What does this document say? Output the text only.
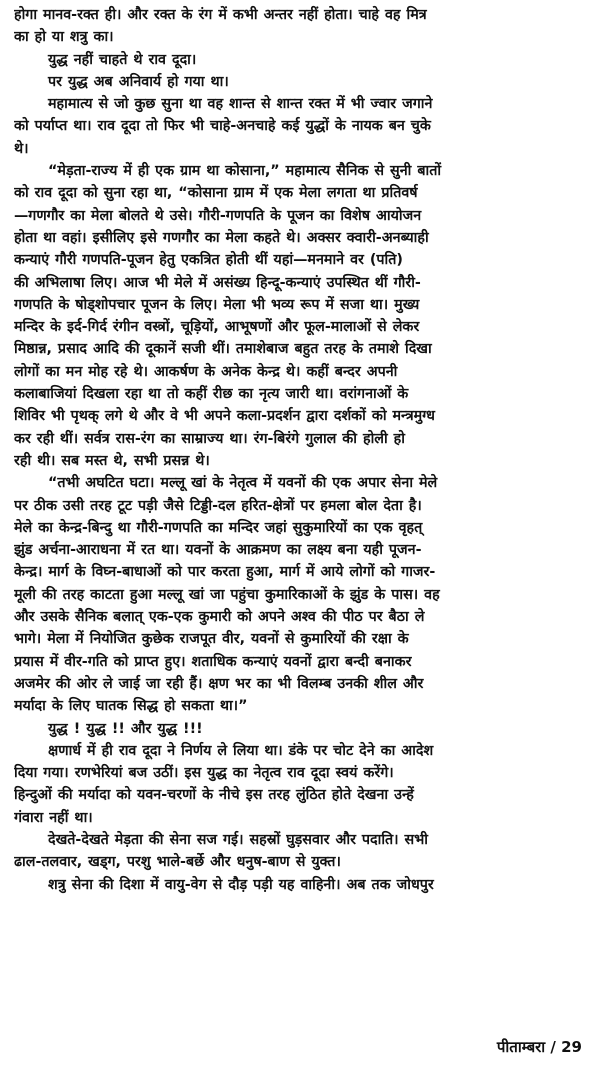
होगा मानव-रक्त ही। और रक्त के रंग में कभी अन्तर नहीं होता। चाहे वह मित्र
का हो या शत्रु का।
युद्ध नहीं चाहते थे राव दूदा।
पर युद्ध अब अनिवार्य हो गया था।
महामात्य से जो कुछ सुना था वह शान्त से शान्त रक्त में भी ज्वार जगाने
को पर्याप्त था। राव दूदा तो फिर भी चाहे-अनचाहे कई युद्धों के नायक बन चुके
थे।
“मेड़ता-राज्य में ही एक ग्राम था कोसाना,” महामात्य सैनिक से सुनी बातों
को राव दूदा को सुना रहा था, “कोसाना ग्राम में एक मेला लगता था प्रतिवर्ष
—गणगौर का मेला बोलते थे उसे। गौरी-गणपति के पूजन का विशेष आयोजन
होता था वहां। इसीलिए इसे गणगौर का मेला कहते थे। अक्सर क्वारी-अनब्याही
कन्याएं गौरी गणपति-पूजन हेतु एकत्रित होती थीं यहां—मनमाने वर (पति)
की अभिलाषा लिए। आज भी मेले में असंख्य हिन्दू-कन्याएं उपस्थित थीं गौरी-
गणपति के षोड्शोपचार पूजन के लिए। मेला भी भव्य रूप में सजा था। मुख्य
मन्दिर के इर्द-गिर्द रंगीन वस्त्रों, चूड़ियों, आभूषणों और फूल-मालाओं से लेकर
मिष्ठान्न, प्रसाद आदि की दूकानें सजी थीं। तमाशेबाज बहुत तरह के तमाशे दिखा
लोगों का मन मोह रहे थे। आकर्षण के अनेक केन्द्र थे। कहीं बन्दर अपनी
कलाबाजियां दिखला रहा था तो कहीं रीछ का नृत्य जारी था। वरांगनाओं के
शिविर भी पृथक् लगे थे और वे भी अपने कला-प्रदर्शन द्वारा दर्शकों को मन्त्रमुग्ध
कर रही थीं। सर्वत्र रास-रंग का साम्राज्य था। रंग-बिरंगे गुलाल की होली हो
रही थी। सब मस्त थे, सभी प्रसन्न थे।
“तभी अघटित घटा। मल्लू खां के नेतृत्व में यवनों की एक अपार सेना मेले
पर ठीक उसी तरह टूट पड़ी जैसे टिड्डी-दल हरित-क्षेत्रों पर हमला बोल देता है।
मेले का केन्द्र-बिन्दु था गौरी-गणपति का मन्दिर जहां सुकुमारियों का एक वृहत्
झुंड अर्चना-आराधना में रत था। यवनों के आक्रमण का लक्ष्य बना यही पूजन-
केन्द्र। मार्ग के विघ्न-बाधाओं को पार करता हुआ, मार्ग में आये लोगों को गाजर-
मूली की तरह काटता हुआ मल्लू खां जा पहुंचा कुमारिकाओं के झुंड के पास। वह
और उसके सैनिक बलात् एक-एक कुमारी को अपने अश्व की पीठ पर बैठा ले
भागे। मेला में नियोजित कुछेक राजपूत वीर, यवनों से कुमारियों की रक्षा के
प्रयास में वीर-गति को प्राप्त हुए। शताधिक कन्याएं यवनों द्वारा बन्दी बनाकर
अजमेर की ओर ले जाई जा रही हैं। क्षण भर का भी विलम्ब उनकी शील और
मर्यादा के लिए घातक सिद्ध हो सकता था।”
युद्ध ! युद्ध !! और युद्ध !!!
क्षणार्ध में ही राव दूदा ने निर्णय ले लिया था। डंके पर चोट देने का आदेश
दिया गया। रणभेरियां बज उठीं। इस युद्ध का नेतृत्व राव दूदा स्वयं करेंगे।
हिन्दुओं की मर्यादा को यवन-चरणों के नीचे इस तरह लुंठित होते देखना उन्हें
गंवारा नहीं था।
देखते-देखते मेड़ता की सेना सज गई। सहस्रों घुड़सवार और पदाति। सभी
ढाल-तलवार, खड्ग, परशु भाले-बर्छे और धनुष-बाण से युक्त।
शत्रु सेना की दिशा में वायु-वेग से दौड़ पड़ी यह वाहिनी। अब तक जोधपुर
पीताम्बरा / 29
